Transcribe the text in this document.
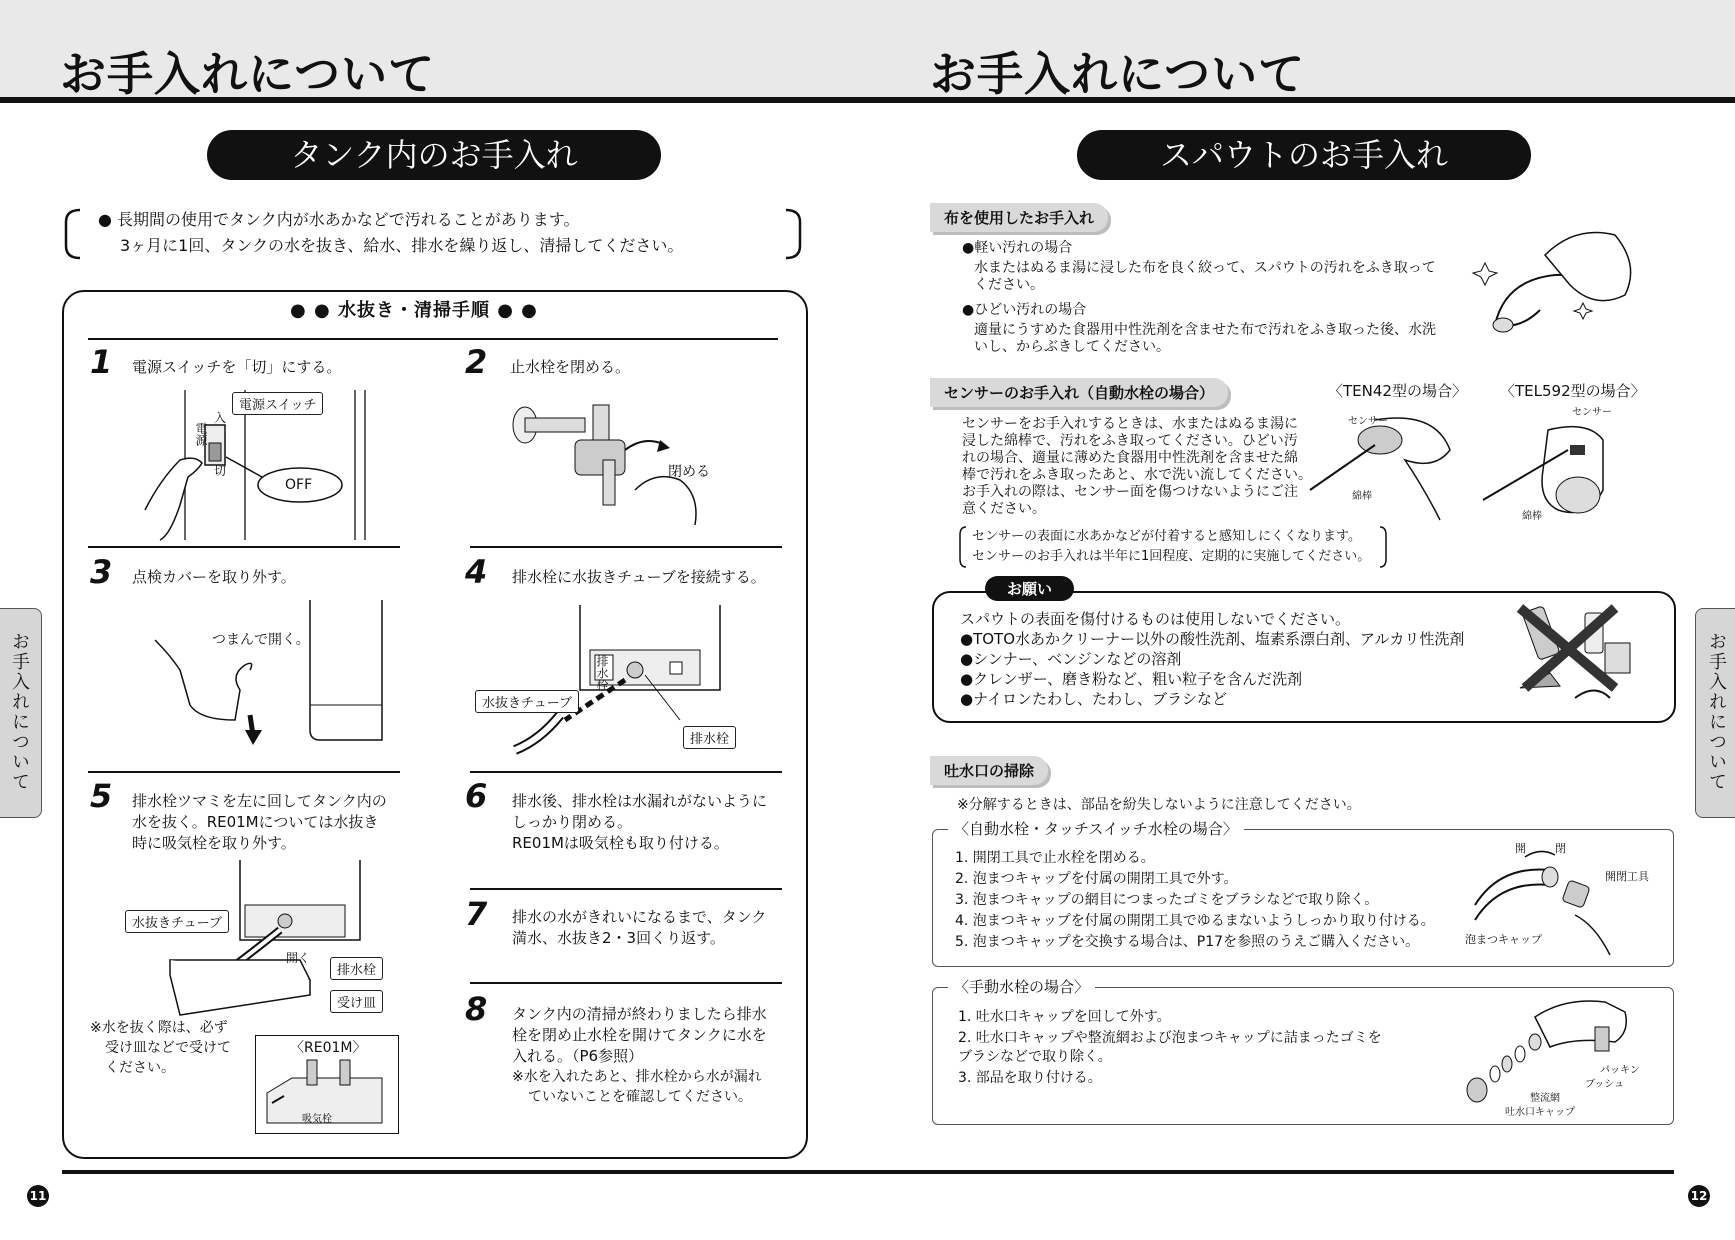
お手入れについて	お手入れについて
タンク内のお手入れ
● 長期間の使用でタンク内が水あかなどで汚れることがあります。
3ヶ月に1回、タンクの水を抜き、給水、排水を繰り返し、清掃してください。
● ● 水抜き・清掃手順 ● ●
1 電源スイッチを「切」にする。
入
切
電源
電源スイッチ
OFF
2 止水栓を閉める。
閉める
3 点検カバーを取り外す。
つまんで開く。
4 排水栓に水抜きチューブを接続する。
排水栓
水抜きチューブ
排水栓
5 排水栓ツマミを左に回してタンク内の
水を抜く。RE01Mについては水抜き
時に吸気栓を取り外す。
水抜きチューブ
開く
排水栓
受け皿
※水を抜く際は、必ず
受け皿などで受けて
ください。
〈RE01M〉
吸気栓
6 排水後、排水栓は水漏れがないように
しっかり閉める。
RE01Mは吸気栓も取り付ける。
7 排水の水がきれいになるまで、タンク
満水、水抜き2・3回くり返す。
8 タンク内の清掃が終わりましたら排水
栓を閉め止水栓を開けてタンクに水を
入れる。（P6参照）
※水を入れたあと、排水栓から水が漏れ
ていないことを確認してください。
お手入れについて
11	12
スパウトのお手入れ
布を使用したお手入れ
●軽い汚れの場合
水またはぬるま湯に浸した布を良く絞って、スパウトの汚れをふき取って
ください。
●ひどい汚れの場合
適量にうすめた食器用中性洗剤を含ませた布で汚れをふき取った後、水洗
いし、からぶきしてください。
センサーのお手入れ（自動水栓の場合）	〈TEN42型の場合〉 〈TEL592型の場合〉
センサーをお手入れするときは、水またはぬるま湯に
浸した綿棒で、汚れをふき取ってください。ひどい汚
れの場合、適量に薄めた食器用中性洗剤を含ませた綿
棒で汚れをふき取ったあと、水で洗い流してください。
お手入れの際は、センサー面を傷つけないようにご注
意ください。
センサーの表面に水あかなどが付着すると感知しにくくなります。
センサーのお手入れは半年に1回程度、定期的に実施してください。
センサー
綿棒
センサー
綿棒
お願い
スパウトの表面を傷付けるものは使用しないでください。
●TOTO水あかクリーナー以外の酸性洗剤、塩素系漂白剤、アルカリ性洗剤
●シンナー、ベンジンなどの溶剤
●クレンザー、磨き粉など、粗い粒子を含んだ洗剤
●ナイロンたわし、たわし、ブラシなど
吐水口の掃除
※分解するときは、部品を紛失しないように注意してください。
〈自動水栓・タッチスイッチ水栓の場合〉
1. 開閉工具で止水栓を閉める。
2. 泡まつキャップを付属の開閉工具で外す。
3. 泡まつキャップの網目につまったゴミをブラシなどで取り除く。
4. 泡まつキャップを付属の開閉工具でゆるまないようしっかり取り付ける。
5. 泡まつキャップを交換する場合は、P17を参照のうえご購入ください。
開	閉
開閉工具
泡まつキャップ
〈手動水栓の場合〉
1. 吐水口キャップを回して外す。
2. 吐水口キャップや整流網および泡まつキャップに詰まったゴミを
ブラシなどで取り除く。
3. 部品を取り付ける。	パッキン
ブッシュ
整流網
吐水口キャップ
お手入れについて
